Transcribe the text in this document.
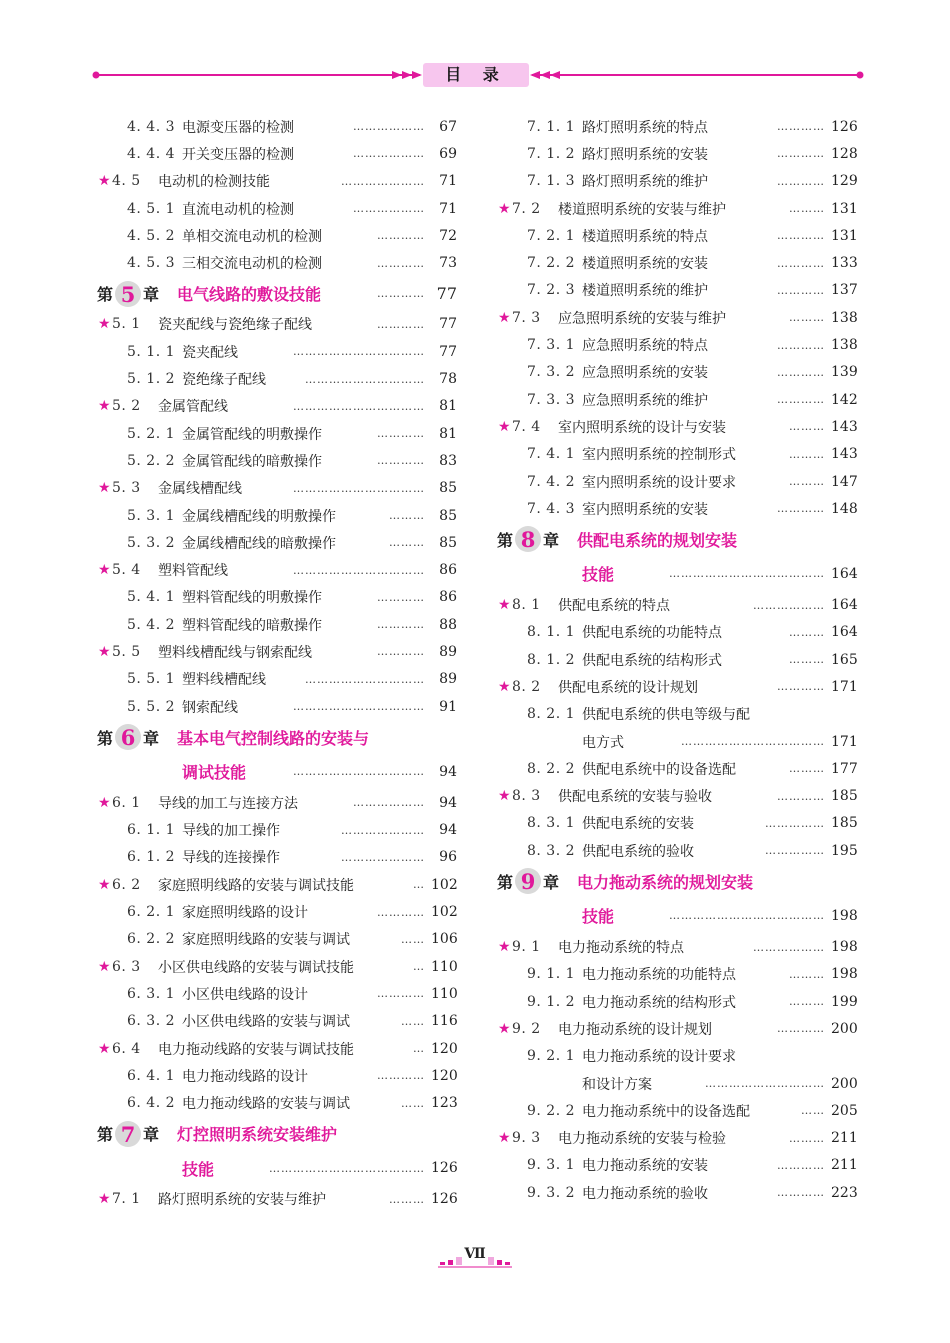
目 录
4. 4. 3 电源变压器的检测	………………	67
4. 4. 4 开关变压器的检测	………………	69
★ 4. 5	电动机的检测技能	…………………	71
4. 5. 1 直流电动机的检测	………………	71
4. 5. 2 单相交流电动机的检测	…………	72
4. 5. 3 三相交流电动机的检测	…………	73
第 5 章 电气线路的敷设技能	………… 77
★ 5. 1	瓷夹配线与瓷绝缘子配线	…………	77
5. 1. 1 瓷夹配线	……………………………	77
5. 1. 2 瓷绝缘子配线	…………………………	78
★ 5. 2	金属管配线	……………………………	81
5. 2. 1 金属管配线的明敷操作	…………	81
5. 2. 2 金属管配线的暗敷操作	…………	83
★ 5. 3	金属线槽配线	……………………………	85
5. 3. 1 金属线槽配线的明敷操作	………	85
5. 3. 2 金属线槽配线的暗敷操作	………	85
★ 5. 4	塑料管配线	……………………………	86
5. 4. 1 塑料管配线的明敷操作	…………	86
5. 4. 2 塑料管配线的暗敷操作	…………	88
★ 5. 5	塑料线槽配线与钢索配线	…………	89
5. 5. 1 塑料线槽配线	…………………………	89
5. 5. 2 钢索配线	……………………………	91
第 6 章 基本电气控制线路的安装与
调试技能	……………………………	94
★ 6. 1	导线的加工与连接方法	………………	94
6. 1. 1 导线的加工操作	…………………	94
6. 1. 2 导线的连接操作	…………………	96
★ 6. 2	家庭照明线路的安装与调试技能	… 102
6. 2. 1 家庭照明线路的设计	………… 102
6. 2. 2 家庭照明线路的安装与调试	…… 106
★ 6. 3	小区供电线路的安装与调试技能	… 110
6. 3. 1 小区供电线路的设计	………… 110
6. 3. 2 小区供电线路的安装与调试	…… 116
★ 6. 4	电力拖动线路的安装与调试技能	… 120
6. 4. 1 电力拖动线路的设计	………… 120
6. 4. 2 电力拖动线路的安装与调试	…… 123
第 7 章 灯控照明系统安装维护
技能	………………………………… 126
★ 7. 1	路灯照明系统的安装与维护	……… 126
7. 1. 1 路灯照明系统的特点	………… 126
7. 1. 2 路灯照明系统的安装	………… 128
7. 1. 3 路灯照明系统的维护	………… 129
★ 7. 2	楼道照明系统的安装与维护	……… 131
7. 2. 1 楼道照明系统的特点	………… 131
7. 2. 2 楼道照明系统的安装	………… 133
7. 2. 3 楼道照明系统的维护	………… 137
★ 7. 3	应急照明系统的安装与维护	……… 138
7. 3. 1 应急照明系统的特点	………… 138
7. 3. 2 应急照明系统的安装	………… 139
7. 3. 3 应急照明系统的维护	………… 142
★ 7. 4	室内照明系统的设计与安装	……… 143
7. 4. 1 室内照明系统的控制形式	……… 143
7. 4. 2 室内照明系统的设计要求	……… 147
7. 4. 3 室内照明系统的安装	………… 148
第 8 章 供配电系统的规划安装
技能	………………………………… 164
★ 8. 1	供配电系统的特点	……………… 164
8. 1. 1 供配电系统的功能特点	……… 164
8. 1. 2 供配电系统的结构形式	……… 165
★ 8. 2	供配电系统的设计规划	………… 171
8. 2. 1 供配电系统的供电等级与配
电方式	……………………………… 171
8. 2. 2 供配电系统中的设备选配	……… 177
★ 8. 3	供配电系统的安装与验收	………… 185
8. 3. 1 供配电系统的安装	…………… 185
8. 3. 2 供配电系统的验收	…………… 195
第 9 章 电力拖动系统的规划安装
技能	………………………………… 198
★ 9. 1	电力拖动系统的特点	……………… 198
9. 1. 1 电力拖动系统的功能特点	……… 198
9. 1. 2 电力拖动系统的结构形式	……… 199
★ 9. 2	电力拖动系统的设计规划	………… 200
9. 2. 1 电力拖动系统的设计要求
和设计方案	………………………… 200
9. 2. 2 电力拖动系统中的设备选配	…… 205
★ 9. 3	电力拖动系统的安装与检验	……… 211
9. 3. 1 电力拖动系统的安装	………… 211
9. 3. 2 电力拖动系统的验收	………… 223
Ⅶ
